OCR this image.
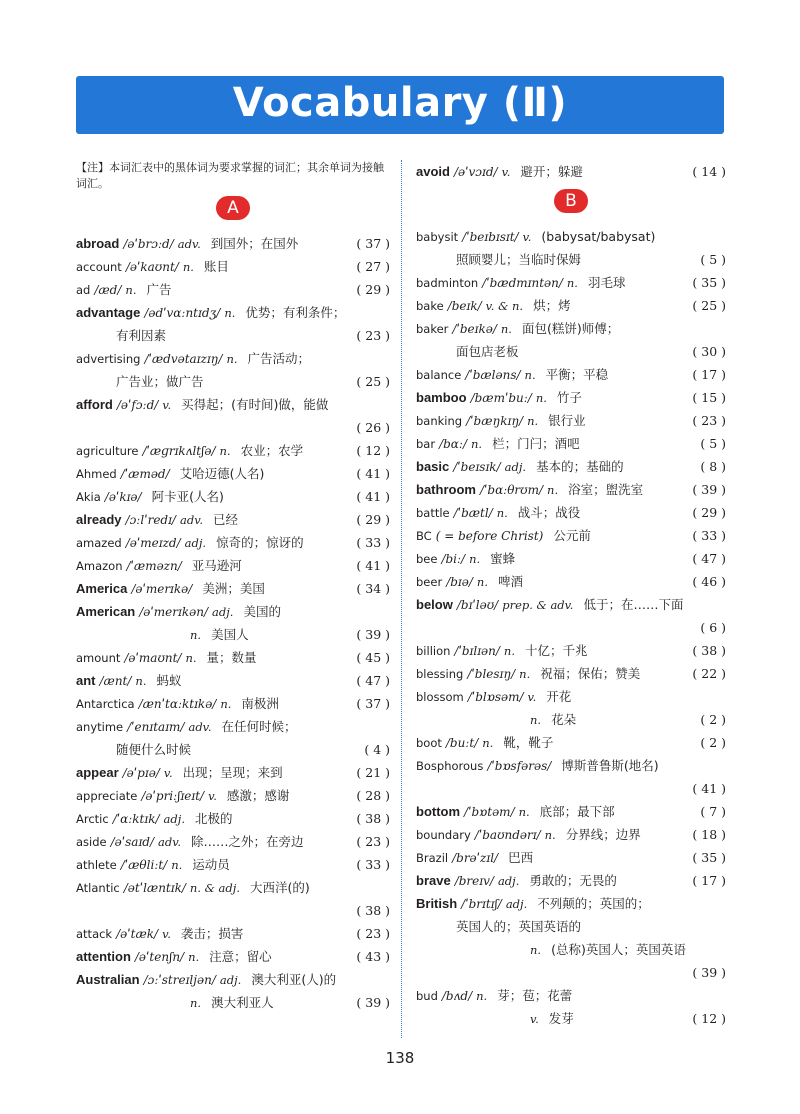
Vocabulary (Ⅱ)
【注】本词汇表中的黑体词为要求掌握的词汇；其余单词为接触词汇。
A
abroad /əˈbrɔːd/ adv. 到国外；在国外	( 37 )
account /əˈkaʊnt/ n. 账目	( 27 )
ad /æd/ n. 广告	( 29 )
advantage /ədˈvɑːntɪdʒ/ n. 优势；有利条件；
有利因素	( 23 )
advertising /ˈædvətaɪzɪŋ/ n. 广告活动；
广告业；做广告	( 25 )
afford /əˈfɔːd/ v. 买得起；(有时间)做，能做
( 26 )
agriculture /ˈæɡrɪkʌltʃə/ n. 农业；农学	( 12 )
Ahmed /ˈæməd/ 艾哈迈德(人名)	( 41 )
Akia /əˈkɪə/ 阿卡亚(人名)	( 41 )
already /ɔːlˈredɪ/ adv. 已经	( 29 )
amazed /əˈmeɪzd/ adj. 惊奇的；惊讶的	( 33 )
Amazon /ˈæməzn/ 亚马逊河	( 41 )
America /əˈmerɪkə/ 美洲；美国	( 34 )
American /əˈmerɪkən/ adj. 美国的
n. 美国人	( 39 )
amount /əˈmaʊnt/ n. 量；数量	( 45 )
ant /ænt/ n. 蚂蚁	( 47 )
Antarctica /ænˈtɑːktɪkə/ n. 南极洲	( 37 )
anytime /ˈenɪtaɪm/ adv. 在任何时候；
随便什么时候	( 4 )
appear /əˈpɪə/ v. 出现；呈现；来到	( 21 )
appreciate /əˈpriːʃɪeɪt/ v. 感激；感谢	( 28 )
Arctic /ˈɑːktɪk/ adj. 北极的	( 38 )
aside /əˈsaɪd/ adv. 除……之外；在旁边	( 23 )
athlete /ˈæθliːt/ n. 运动员	( 33 )
Atlantic /ətˈlæntɪk/ n. & adj. 大西洋(的)
( 38 )
attack /əˈtæk/ v. 袭击；损害	( 23 )
attention /əˈtenʃn/ n. 注意；留心	( 43 )
Australian /ɔːˈstreɪljən/ adj. 澳大利亚(人)的
n. 澳大利亚人	( 39 )
avoid /əˈvɔɪd/ v. 避开；躲避	( 14 )
B
babysit /ˈbeɪbɪsɪt/ v. (babysat/babysat)
照顾婴儿；当临时保姆	( 5 )
badminton /ˈbædmɪntən/ n. 羽毛球	( 35 )
bake /beɪk/ v. & n. 烘；烤	( 25 )
baker /ˈbeɪkə/ n. 面包(糕饼)师傅；
面包店老板	( 30 )
balance /ˈbæləns/ n. 平衡；平稳	( 17 )
bamboo /bæmˈbuː/ n. 竹子	( 15 )
banking /ˈbæŋkɪŋ/ n. 银行业	( 23 )
bar /bɑː/ n. 栏；门闩；酒吧	( 5 )
basic /ˈbeɪsɪk/ adj. 基本的；基础的	( 8 )
bathroom /ˈbɑːθrʊm/ n. 浴室；盥洗室	( 39 )
battle /ˈbætl/ n. 战斗；战役	( 29 )
BC ( = before Christ) 公元前	( 33 )
bee /biː/ n. 蜜蜂	( 47 )
beer /bɪə/ n. 啤酒	( 46 )
below /bɪˈləʊ/ prep. & adv. 低于；在……下面
( 6 )
billion /ˈbɪlɪən/ n. 十亿；千兆	( 38 )
blessing /ˈblesɪŋ/ n. 祝福；保佑；赞美	( 22 )
blossom /ˈblɒsəm/ v. 开花
n. 花朵	( 2 )
boot /buːt/ n. 靴，靴子	( 2 )
Bosphorous /ˈbɒsfərəs/ 博斯普鲁斯(地名)
( 41 )
bottom /ˈbɒtəm/ n. 底部；最下部	( 7 )
boundary /ˈbaʊndərɪ/ n. 分界线；边界	( 18 )
Brazil /brəˈzɪl/ 巴西	( 35 )
brave /breɪv/ adj. 勇敢的；无畏的	( 17 )
British /ˈbrɪtɪʃ/ adj. 不列颠的；英国的；
英国人的；英国英语的
n. (总称)英国人；英国英语
( 39 )
bud /bʌd/ n. 芽；苞；花蕾
v. 发芽	( 12 )
138
